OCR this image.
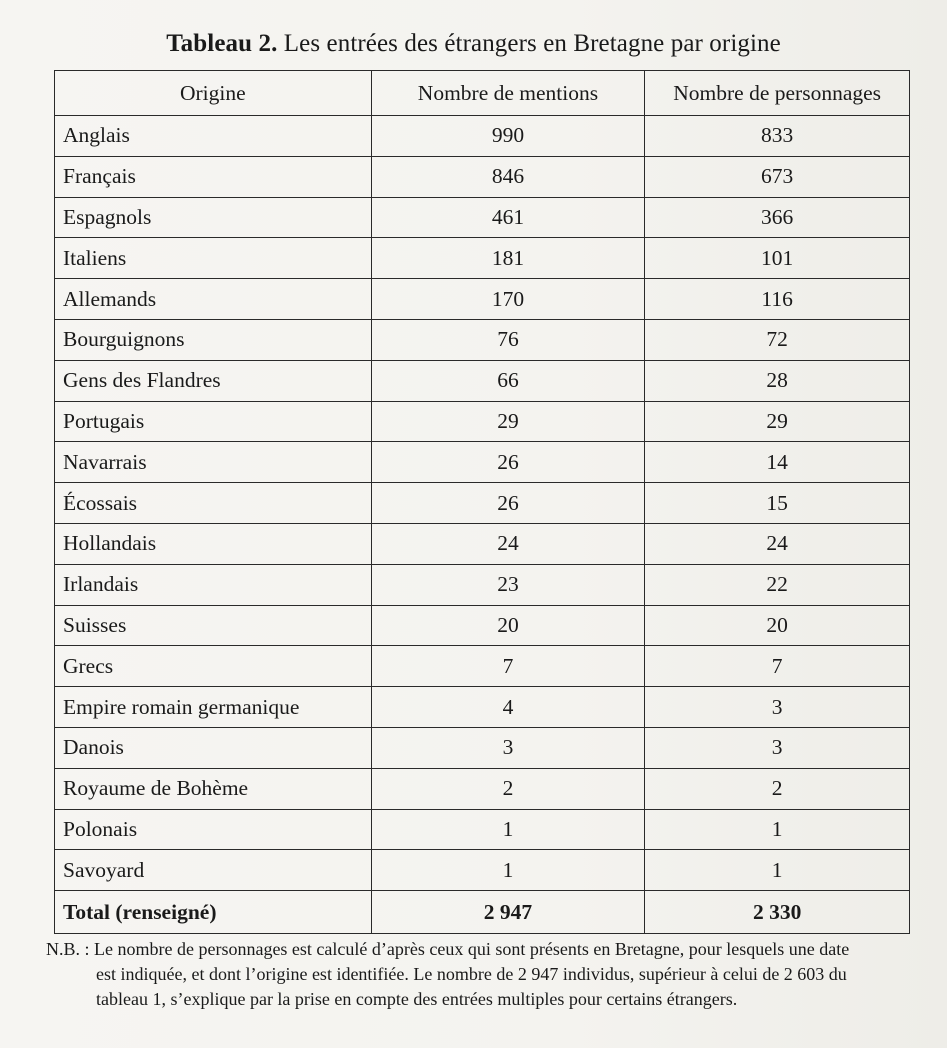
Tableau 2. Les entrées des étrangers en Bretagne par origine
Origine	Nombre de mentions	Nombre de personnages
Anglais	990	833
Français	846	673
Espagnols	461	366
Italiens	181	101
Allemands	170	116
Bourguignons	76	72
Gens des Flandres	66	28
Portugais	29	29
Navarrais	26	14
Écossais	26	15
Hollandais	24	24
Irlandais	23	22
Suisses	20	20
Grecs	7	7
Empire romain germanique	4	3
Danois	3	3
Royaume de Bohème	2	2
Polonais	1	1
Savoyard	1	1
Total (renseigné)	2 947	2 330
N.B. : Le nombre de personnages est calculé d’après ceux qui sont présents en Bretagne, pour lesquels une date
est indiquée, et dont l’origine est identifiée. Le nombre de 2 947 individus, supérieur à celui de 2 603 du
tableau 1, s’explique par la prise en compte des entrées multiples pour certains étrangers.
